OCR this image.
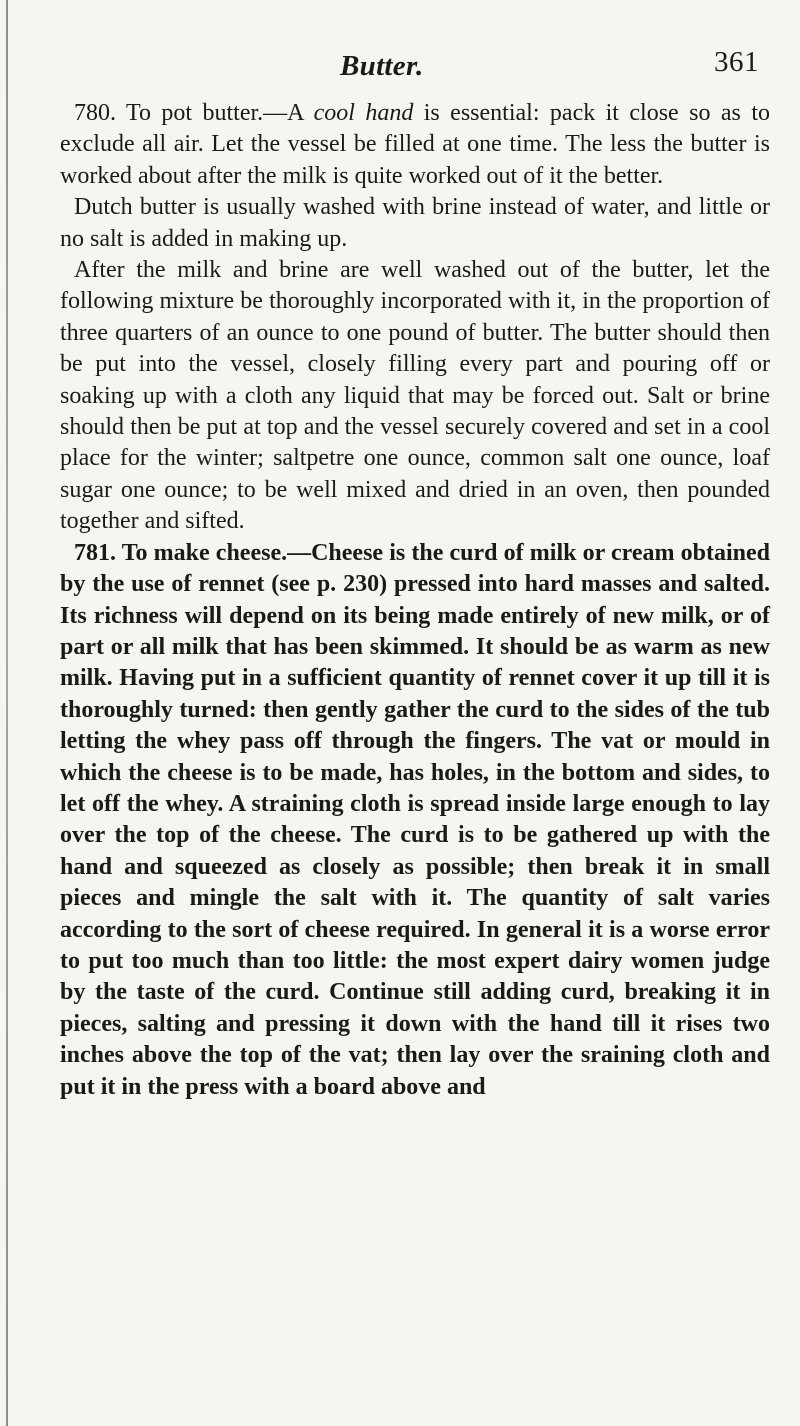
Butter.	361

780. To pot butter.—A cool hand is essential: pack it close so as to exclude all air. Let the vessel be filled at one time. The less the butter is worked about after the milk is quite worked out of it the better.

Dutch butter is usually washed with brine instead of water, and little or no salt is added in making up.

After the milk and brine are well washed out of the butter, let the following mixture be thoroughly incorporated with it, in the proportion of three quarters of an ounce to one pound of butter. The butter should then be put into the vessel, closely filling every part and pouring off or soaking up with a cloth any liquid that may be forced out. Salt or brine should then be put at top and the vessel securely covered and set in a cool place for the winter; saltpetre one ounce, common salt one ounce, loaf sugar one ounce; to be well mixed and dried in an oven, then pounded together and sifted.

781. To make cheese.—Cheese is the curd of milk or cream obtained by the use of rennet (see p. 230) pressed into hard masses and salted. Its richness will depend on its being made entirely of new milk, or of part or all milk that has been skimmed. It should be as warm as new milk. Having put in a sufficient quantity of rennet cover it up till it is thoroughly turned: then gently gather the curd to the sides of the tub letting the whey pass off through the fingers. The vat or mould in which the cheese is to be made, has holes, in the bottom and sides, to let off the whey. A straining cloth is spread inside large enough to lay over the top of the cheese. The curd is to be gathered up with the hand and squeezed as closely as possible; then break it in small pieces and mingle the salt with it. The quantity of salt varies according to the sort of cheese required. In general it is a worse error to put too much than too little: the most expert dairy women judge by the taste of the curd. Continue still adding curd, breaking it in pieces, salting and pressing it down with the hand till it rises two inches above the top of the vat; then lay over the sraining cloth and put it in the press with a board above and
